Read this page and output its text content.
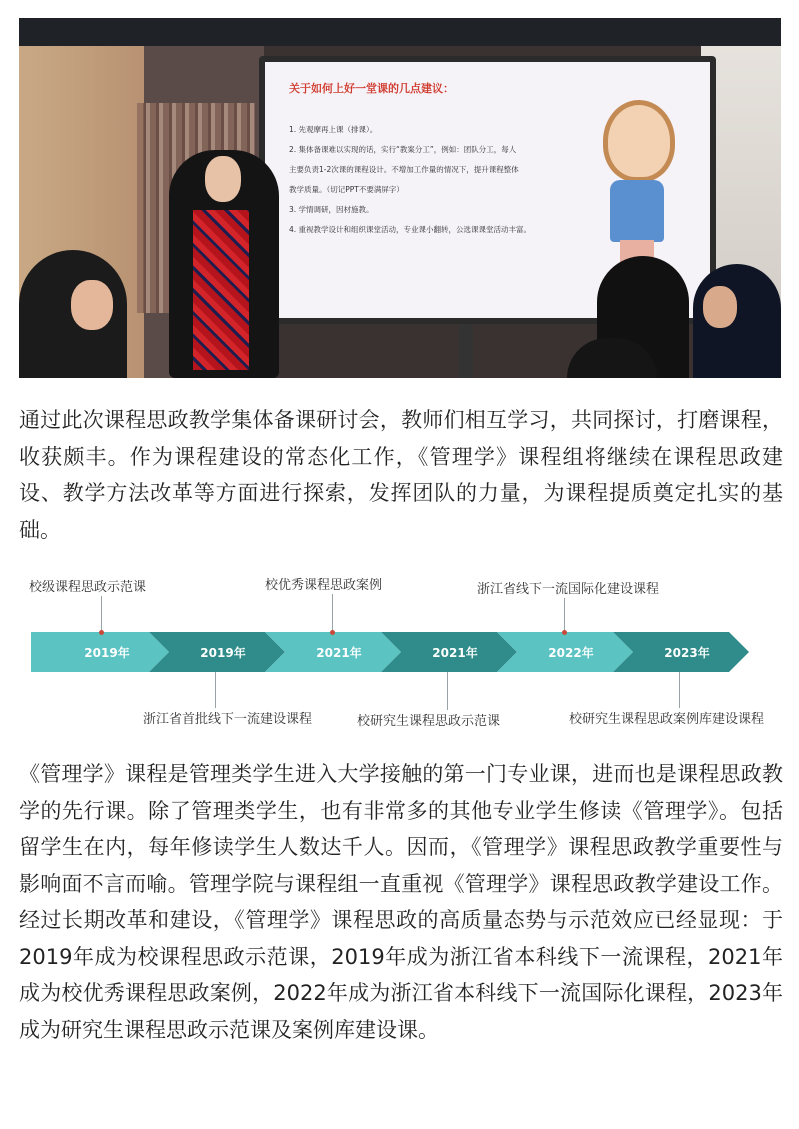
关于如何上好一堂课的几点建议：
1. 先观摩再上课（排课）。
2. 集体备课难以实现的话，实行“教案分工”，例如：团队分工，每人
主要负责1-2次课的课程设计。不增加工作量的情况下，提升课程整体
教学质量。（切记PPT不要满屏字）
3. 学情调研，因材施教。
4. 重视教学设计和组织课堂活动，专业课小翻转，公选课课堂活动丰富。

通过此次课程思政教学集体备课研讨会，教师们相互学习，共同探讨，打磨课程，收获颇丰。作为课程建设的常态化工作，《管理学》课程组将继续在课程思政建设、教学方法改革等方面进行探索，发挥团队的力量，为课程提质奠定扎实的基础。

2019年	2019年	2021年	2021年	2022年	2023年
校级课程思政示范课	校优秀课程思政案例	浙江省线下一流国际化建设课程
浙江省首批线下一流建设课程	校研究生课程思政示范课	校研究生课程思政案例库建设课程

《管理学》课程是管理类学生进入大学接触的第一门专业课，进而也是课程思政教学的先行课。除了管理类学生，也有非常多的其他专业学生修读《管理学》。包括留学生在内，每年修读学生人数达千人。因而，《管理学》课程思政教学重要性与影响面不言而喻。管理学院与课程组一直重视《管理学》课程思政教学建设工作。经过长期改革和建设，《管理学》课程思政的高质量态势与示范效应已经显现：于2019年成为校课程思政示范课，2019年成为浙江省本科线下一流课程，2021年成为校优秀课程思政案例，2022年成为浙江省本科线下一流国际化课程，2023年成为研究生课程思政示范课及案例库建设课。
